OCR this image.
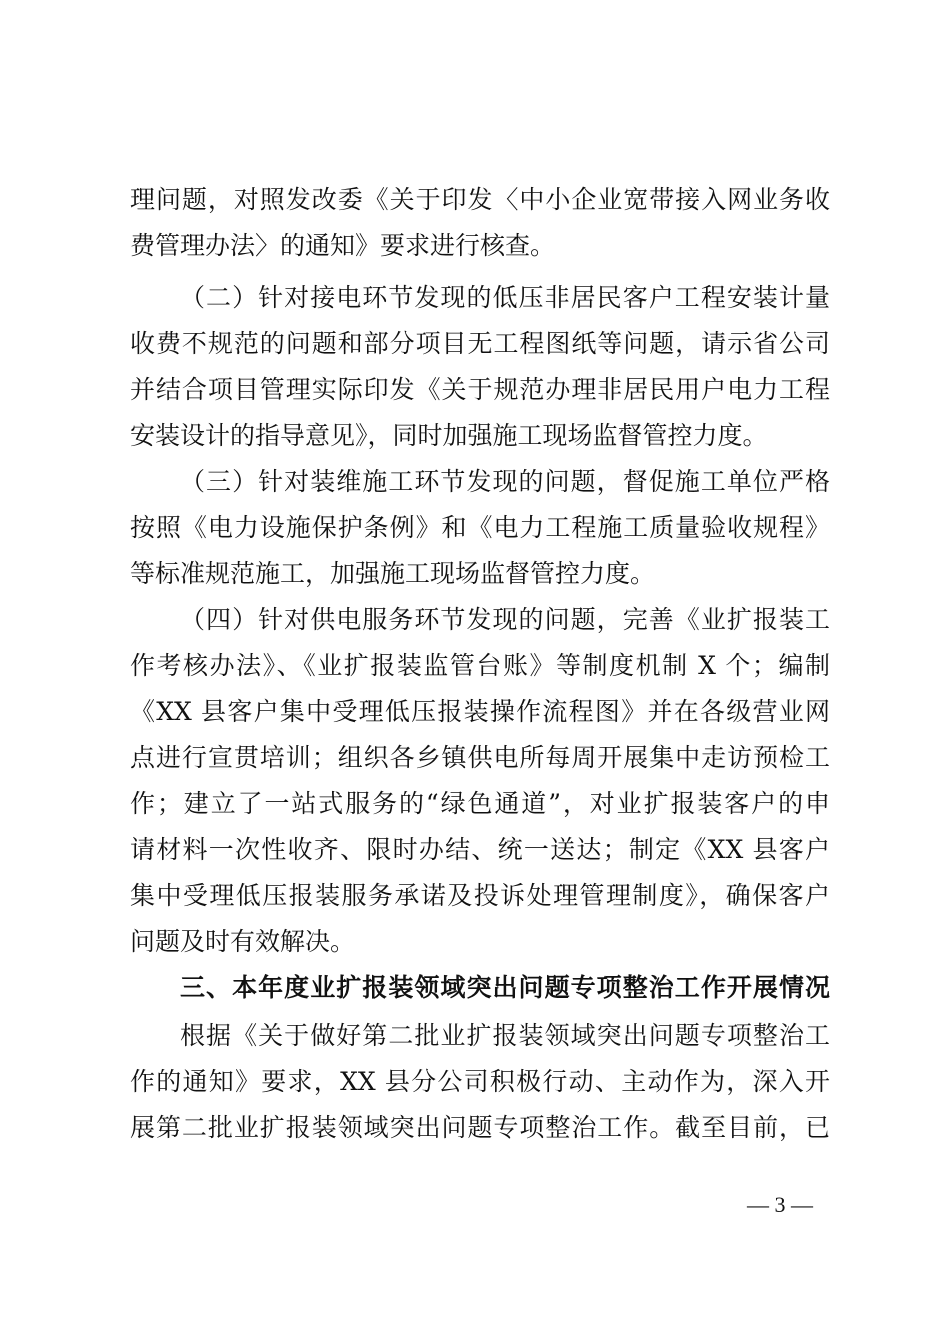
理问题，对照发改委《关于印发〈中小企业宽带接入网业务收
费管理办法〉的通知》要求进行核查。
（二）针对接电环节发现的低压非居民客户工程安装计量
收费不规范的问题和部分项目无工程图纸等问题，请示省公司
并结合项目管理实际印发《关于规范办理非居民用户电力工程
安装设计的指导意见》，同时加强施工现场监督管控力度。
（三）针对装维施工环节发现的问题，督促施工单位严格
按照《电力设施保护条例》和《电力工程施工质量验收规程》
等标准规范施工，加强施工现场监督管控力度。
（四）针对供电服务环节发现的问题，完善《业扩报装工
作考核办法》、《业扩报装监管台账》等制度机制 X 个；编制
《XX 县客户集中受理低压报装操作流程图》并在各级营业网
点进行宣贯培训；组织各乡镇供电所每周开展集中走访预检工
作；建立了一站式服务的“绿色通道”，对业扩报装客户的申
请材料一次性收齐、限时办结、统一送达；制定《XX 县客户
集中受理低压报装服务承诺及投诉处理管理制度》，确保客户
问题及时有效解决。
三、本年度业扩报装领域突出问题专项整治工作开展情况
根据《关于做好第二批业扩报装领域突出问题专项整治工
作的通知》要求，XX 县分公司积极行动、主动作为，深入开
展第二批业扩报装领域突出问题专项整治工作。截至目前，已
— 3 —
